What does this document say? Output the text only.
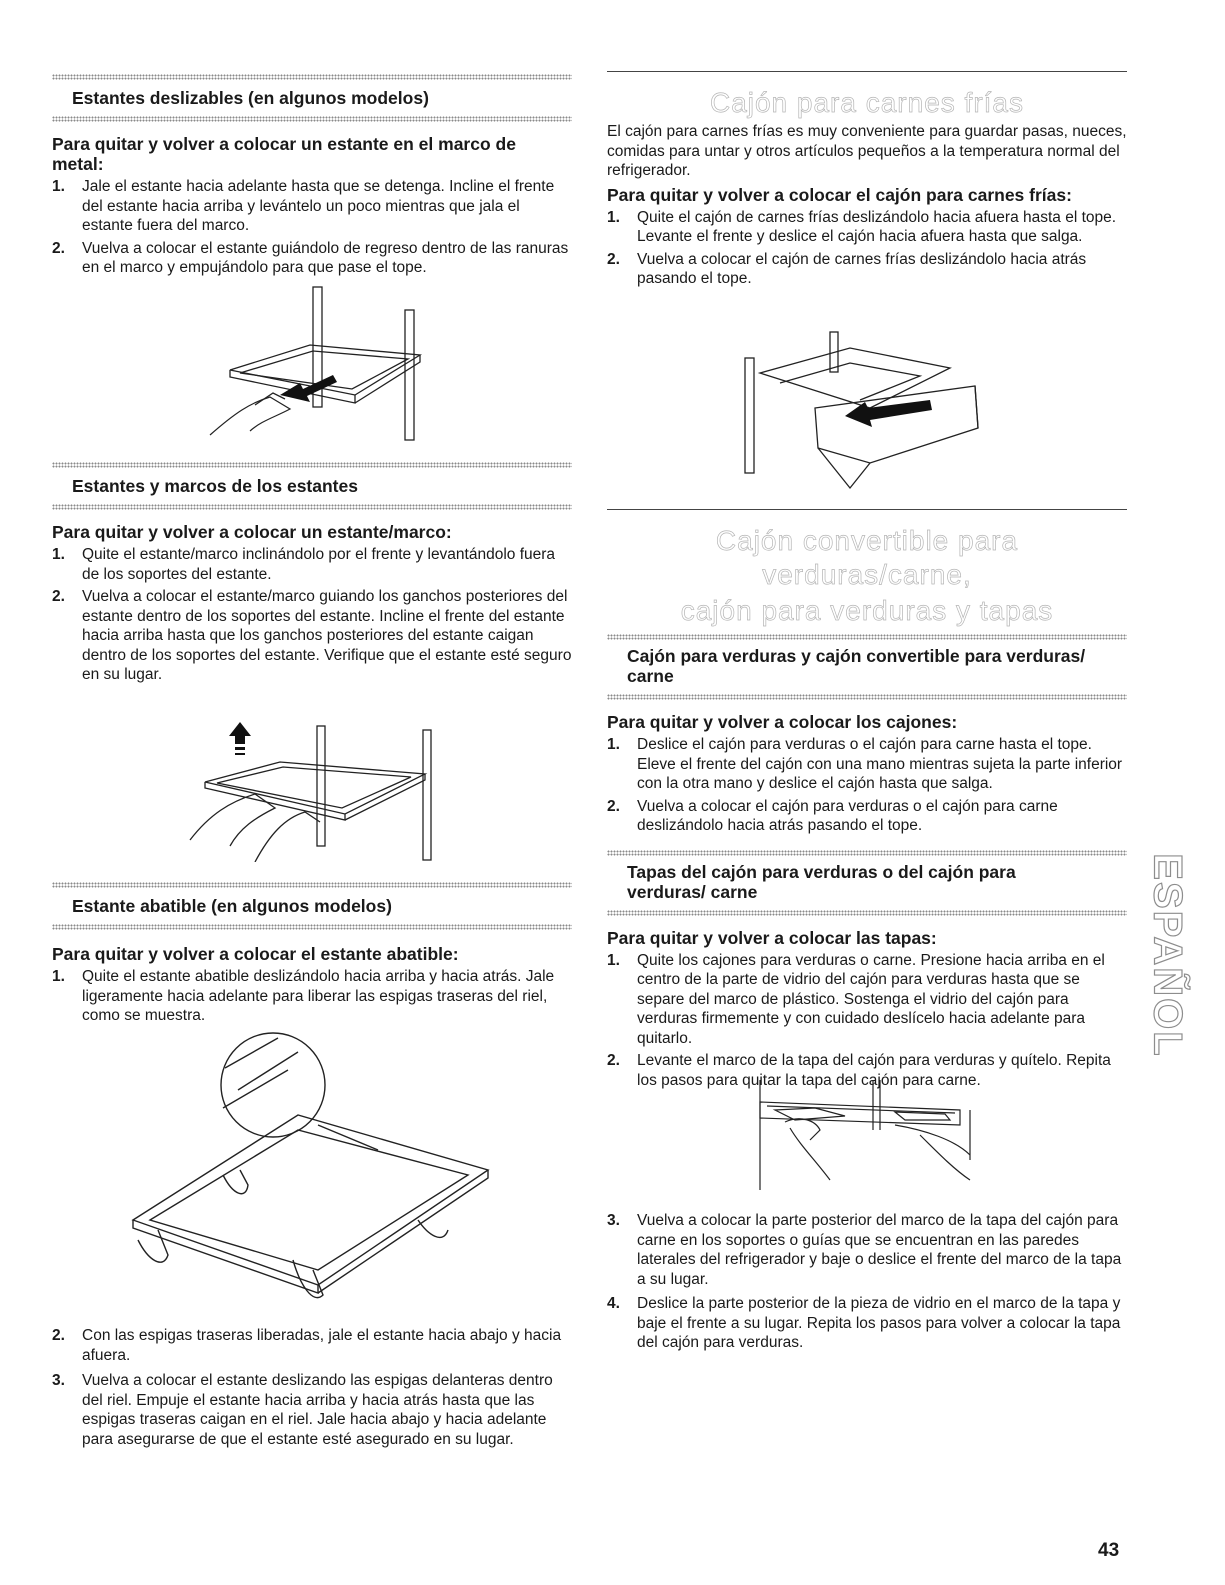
Estantes deslizables (en algunos modelos)
Para quitar y volver a colocar un estante en el marco de metal:
1. Jale el estante hacia adelante hasta que se detenga. Incline el frente del estante hacia arriba y levántelo un poco mientras que jala el estante fuera del marco.
2. Vuelva a colocar el estante guiándolo de regreso dentro de las ranuras en el marco y empujándolo para que pase el tope.
Estantes y marcos de los estantes
Para quitar y volver a colocar un estante/marco:
1. Quite el estante/marco inclinándolo por el frente y levantándolo fuera de los soportes del estante.
2. Vuelva a colocar el estante/marco guiando los ganchos posteriores del estante dentro de los soportes del estante. Incline el frente del estante hacia arriba hasta que los ganchos posteriores del estante caigan dentro de los soportes del estante. Verifique que el estante esté seguro en su lugar.
Estante abatible (en algunos modelos)
Para quitar y volver a colocar el estante abatible:
1. Quite el estante abatible deslizándolo hacia arriba y hacia atrás. Jale ligeramente hacia adelante para liberar las espigas traseras del riel, como se muestra.
2. Con las espigas traseras liberadas, jale el estante hacia abajo y hacia afuera.
3. Vuelva a colocar el estante deslizando las espigas delanteras dentro del riel. Empuje el estante hacia arriba y hacia atrás hasta que las espigas traseras caigan en el riel. Jale hacia abajo y hacia adelante para asegurarse de que el estante esté asegurado en su lugar.
Cajón para carnes frías

El cajón para carnes frías es muy conveniente para guardar pasas, nueces, comidas para untar y otros artículos pequeños a la temperatura normal del refrigerador.

Para quitar y volver a colocar el cajón para carnes frías:
1. Quite el cajón de carnes frías deslizándolo hacia afuera hasta el tope. Levante el frente y deslice el cajón hacia afuera hasta que salga.
2. Vuelva a colocar el cajón de carnes frías deslizándolo hacia atrás pasando el tope.
Cajón convertible para verduras/carne,
cajón para verduras y tapas
Cajón para verduras y cajón convertible para verduras/ carne
Para quitar y volver a colocar los cajones:
1. Deslice el cajón para verduras o el cajón para carne hasta el tope. Eleve el frente del cajón con una mano mientras sujeta la parte inferior con la otra mano y deslice el cajón hasta que salga.
2. Vuelva a colocar el cajón para verduras o el cajón para carne deslizándolo hacia atrás pasando el tope.
Tapas del cajón para verduras o del cajón para verduras/ carne
Para quitar y volver a colocar las tapas:
1. Quite los cajones para verduras o carne. Presione hacia arriba en el centro de la parte de vidrio del cajón para verduras hasta que se separe del marco de plástico. Sostenga el vidrio del cajón para verduras firmemente y con cuidado deslícelo hacia adelante para quitarlo.
2. Levante el marco de la tapa del cajón para verduras y quítelo. Repita los pasos para quitar la tapa del cajón para carne.
3. Vuelva a colocar la parte posterior del marco de la tapa del cajón para carne en los soportes o guías que se encuentran en las paredes laterales del refrigerador y baje o deslice el frente del marco de la tapa a su lugar.
4. Deslice la parte posterior de la pieza de vidrio en el marco de la tapa y baje el frente a su lugar. Repita los pasos para volver a colocar la tapa del cajón para verduras.
ESPAÑOL
43
